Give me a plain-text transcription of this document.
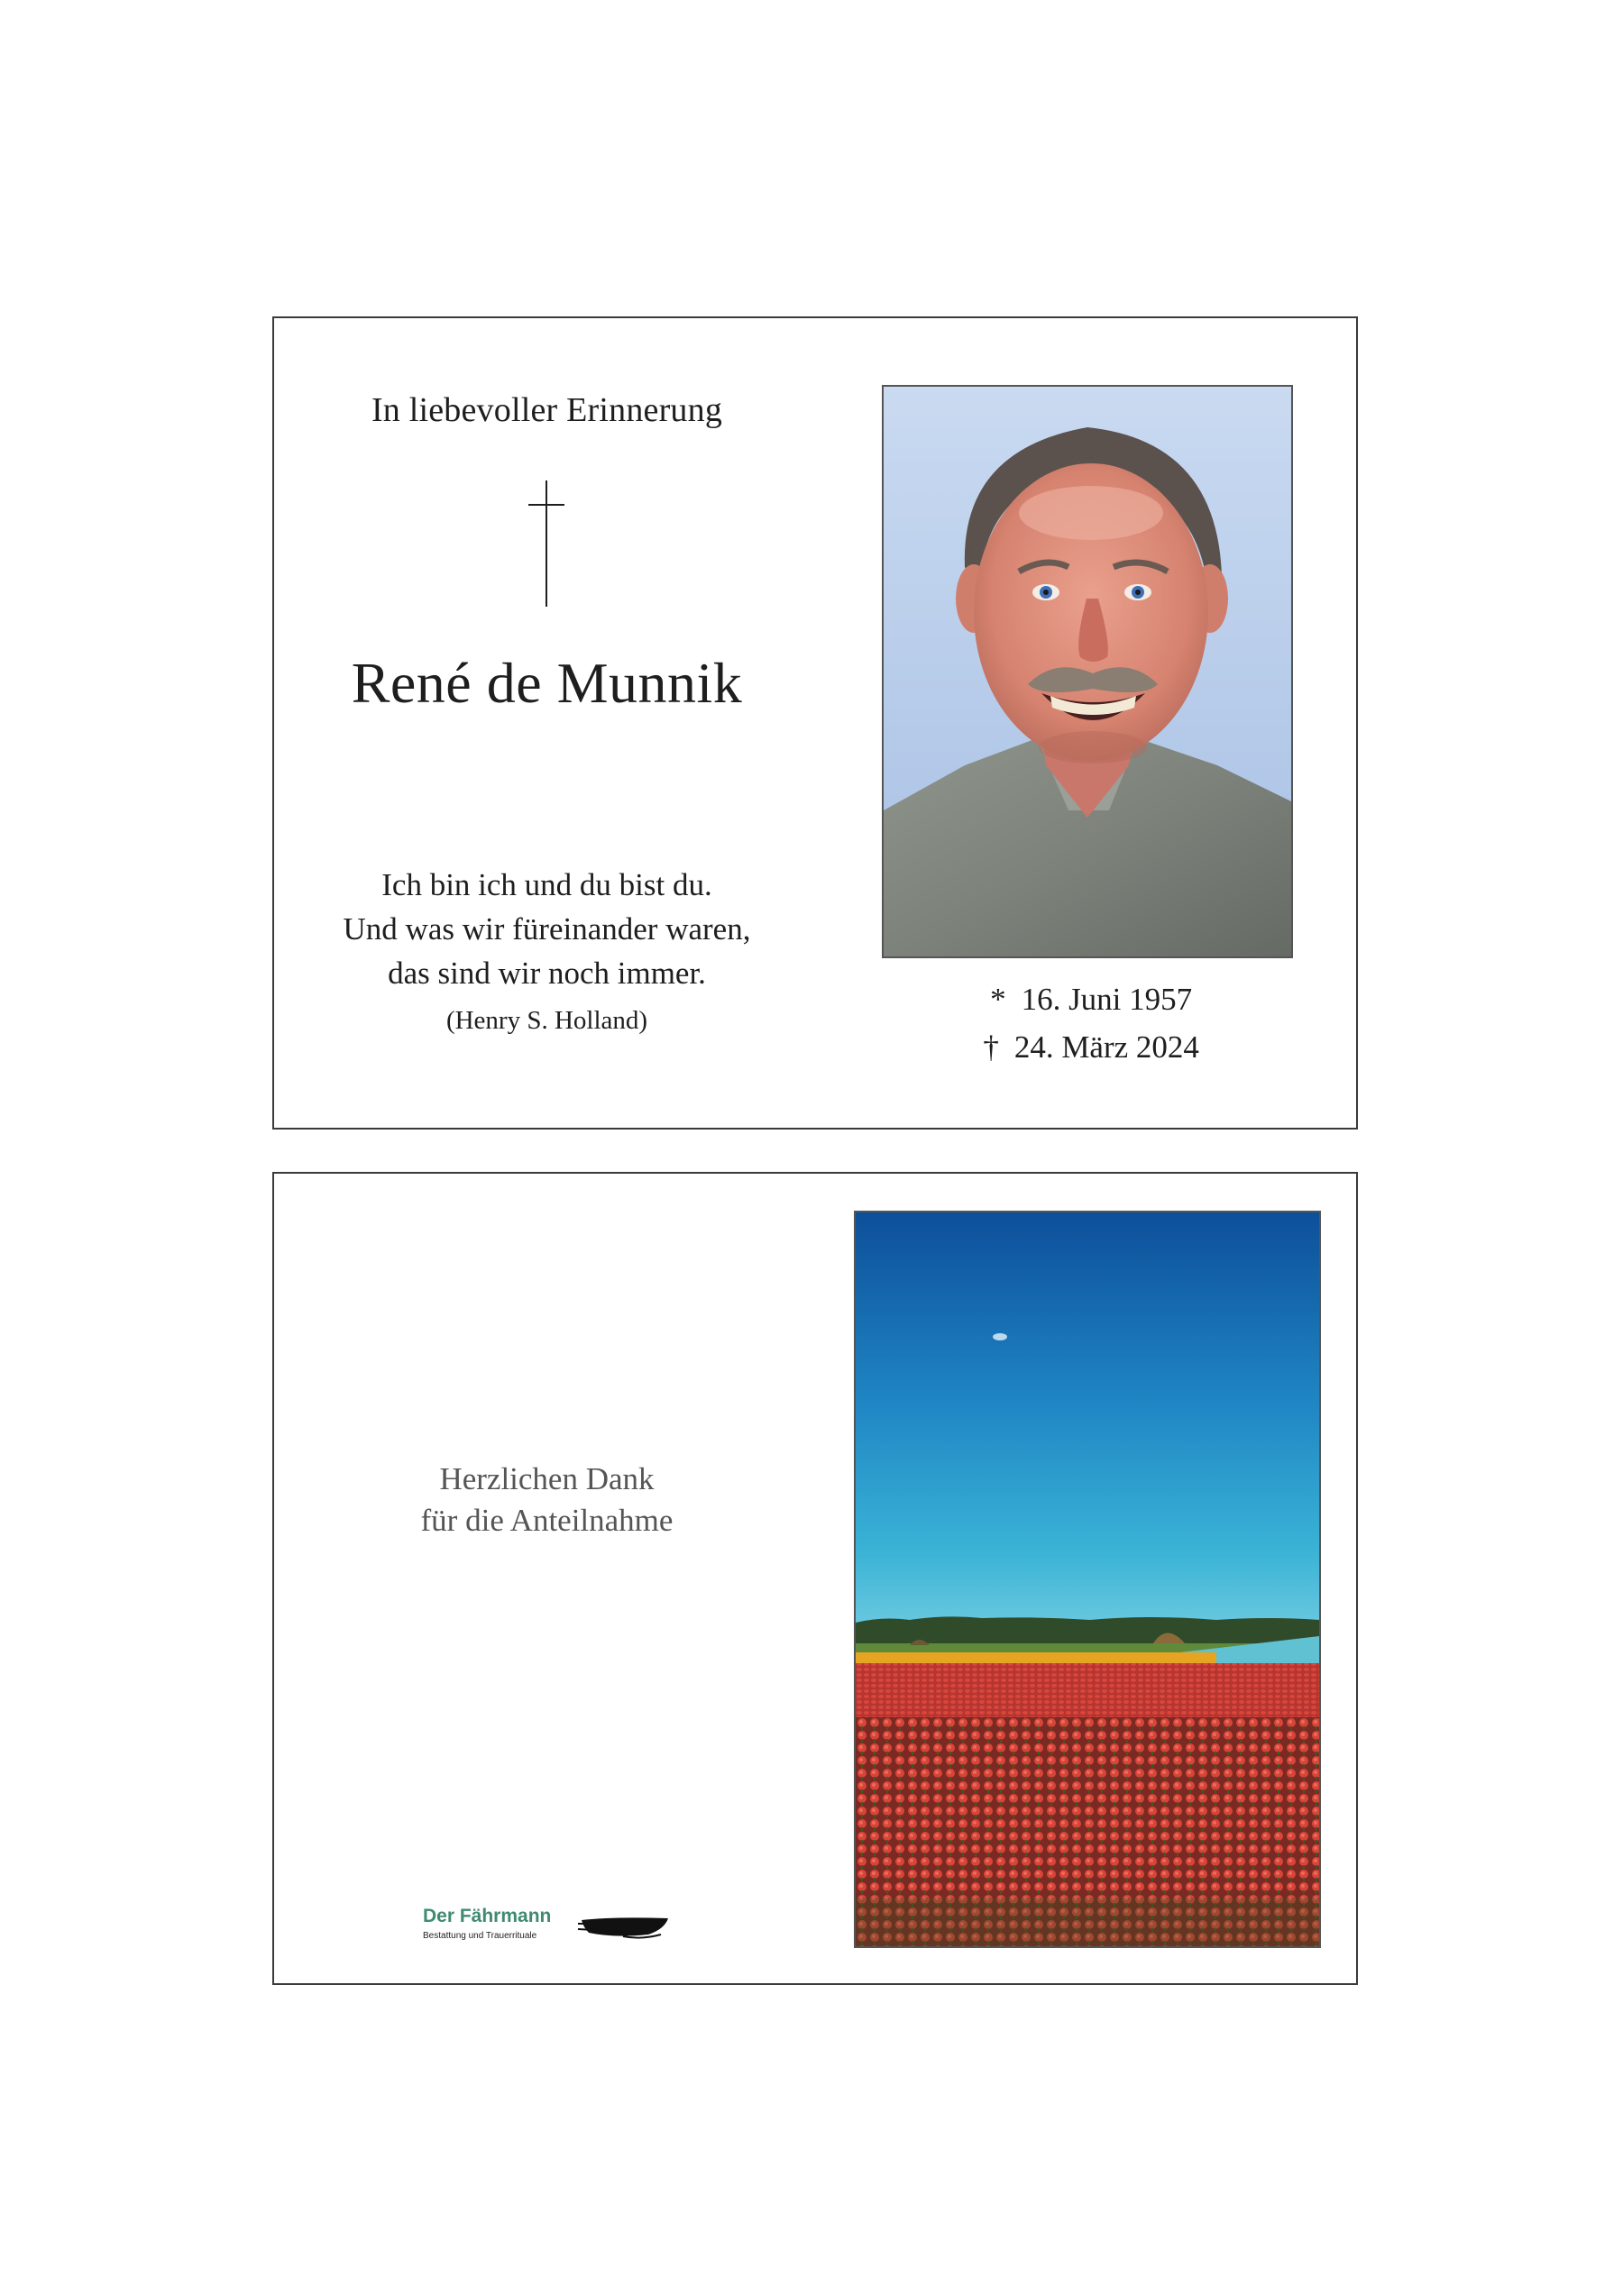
In liebevoller Erinnerung
René de Munnik
Ich bin ich und du bist du.
Und was wir füreinander waren,
das sind wir noch immer.
(Henry S. Holland)
* 16. Juni 1957
† 24. März 2024
Herzlichen Dank
für die Anteilnahme
Der Fährmann
Bestattung und Trauerrituale
